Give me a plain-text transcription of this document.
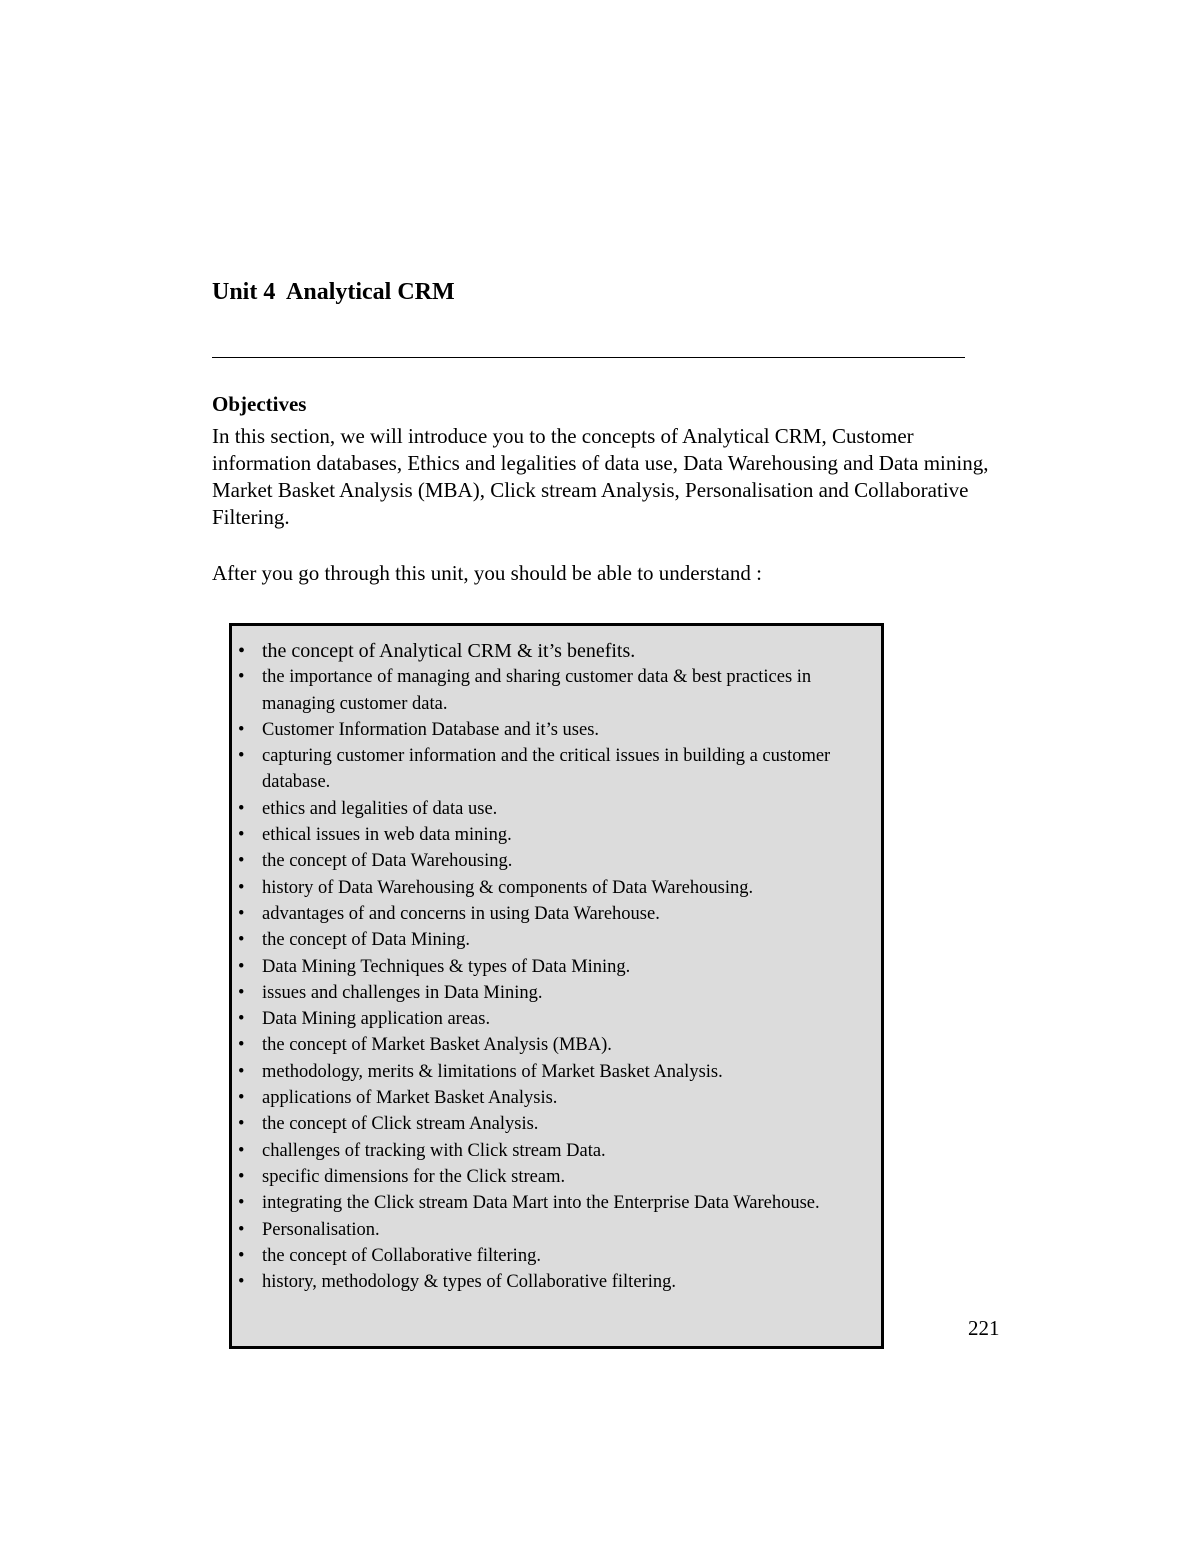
Unit 4  Analytical CRM
Objectives

In this section, we will introduce you to the concepts of Analytical CRM, Customer information databases, Ethics and legalities of data use, Data Warehousing and Data mining, Market Basket Analysis (MBA), Click stream Analysis, Personalisation and Collaborative Filtering.

After you go through this unit, you should be able to understand :

• the concept of Analytical CRM & it’s benefits.
• the importance of managing and sharing customer data & best practices in managing customer data.
• Customer Information Database and it’s uses.
• capturing customer information and the critical issues in building a customer database.
• ethics and legalities of data use.
• ethical issues in web data mining.
• the concept of Data Warehousing.
• history of Data Warehousing & components of Data Warehousing.
• advantages of and concerns in using Data Warehouse.
• the concept of Data Mining.
• Data Mining Techniques & types of Data Mining.
• issues and challenges in Data Mining.
• Data Mining application areas.
• the concept of Market Basket Analysis (MBA).
• methodology, merits & limitations of Market Basket Analysis.
• applications of Market Basket Analysis.
• the concept of Click stream Analysis.
• challenges of tracking with Click stream Data.
• specific dimensions for the Click stream.
• integrating the Click stream Data Mart into the Enterprise Data Warehouse.
• Personalisation.
• the concept of Collaborative filtering.
• history, methodology & types of Collaborative filtering.

221
